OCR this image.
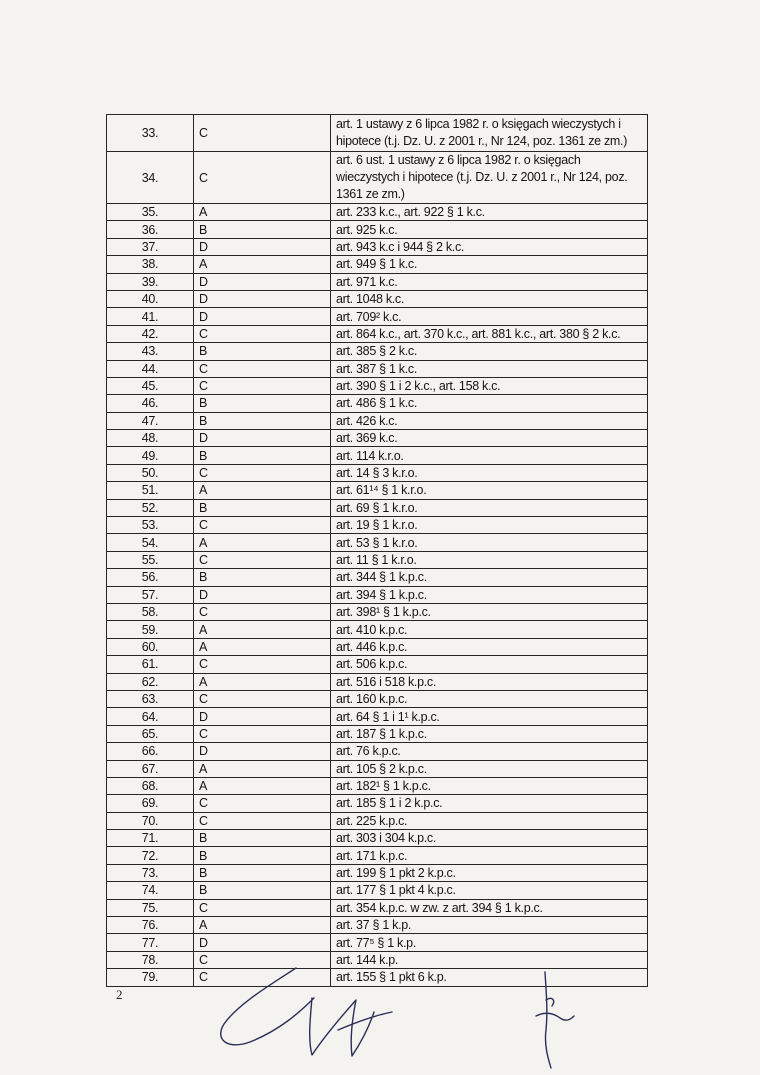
33.	C	art. 1 ustawy z 6 lipca 1982 r. o księgach wieczystych i hipotece (t.j. Dz. U. z 2001 r., Nr 124, poz. 1361 ze zm.)
34.	C	art. 6 ust. 1 ustawy z 6 lipca 1982 r. o księgach wieczystych i hipotece (t.j. Dz. U. z 2001 r., Nr 124, poz. 1361 ze zm.)
35.	A	art. 233 k.c., art. 922 § 1 k.c.
36.	B	art. 925 k.c.
37.	D	art. 943 k.c i 944 § 2 k.c.
38.	A	art. 949 § 1 k.c.
39.	D	art. 971 k.c.
40.	D	art. 1048 k.c.
41.	D	art. 709² k.c.
42.	C	art. 864 k.c., art. 370 k.c., art. 881 k.c., art. 380 § 2 k.c.
43.	B	art. 385 § 2 k.c.
44.	C	art. 387 § 1 k.c.
45.	C	art. 390 § 1 i 2 k.c., art. 158 k.c.
46.	B	art. 486 § 1 k.c.
47.	B	art. 426 k.c.
48.	D	art. 369 k.c.
49.	B	art. 114 k.r.o.
50.	C	art. 14 § 3 k.r.o.
51.	A	art. 61¹⁴ § 1 k.r.o.
52.	B	art. 69 § 1 k.r.o.
53.	C	art. 19 § 1 k.r.o.
54.	A	art. 53 § 1 k.r.o.
55.	C	art. 11 § 1 k.r.o.
56.	B	art. 344 § 1 k.p.c.
57.	D	art. 394 § 1 k.p.c.
58.	C	art. 398¹ § 1 k.p.c.
59.	A	art. 410 k.p.c.
60.	A	art. 446 k.p.c.
61.	C	art. 506 k.p.c.
62.	A	art. 516 i 518 k.p.c.
63.	C	art. 160 k.p.c.
64.	D	art. 64 § 1 i 1¹ k.p.c.
65.	C	art. 187 § 1 k.p.c.
66.	D	art. 76 k.p.c.
67.	A	art. 105 § 2 k.p.c.
68.	A	art. 182¹ § 1 k.p.c.
69.	C	art. 185 § 1 i 2 k.p.c.
70.	C	art. 225 k.p.c.
71.	B	art. 303 i 304 k.p.c.
72.	B	art. 171 k.p.c.
73.	B	art. 199 § 1 pkt 2 k.p.c.
74.	B	art. 177 § 1 pkt 4 k.p.c.
75.	C	art. 354 k.p.c. w zw. z art. 394 § 1 k.p.c.
76.	A	art. 37 § 1 k.p.
77.	D	art. 77⁵ § 1 k.p.
78.	C	art. 144 k.p.
79.	C	art. 155 § 1 pkt 6 k.p.
2
